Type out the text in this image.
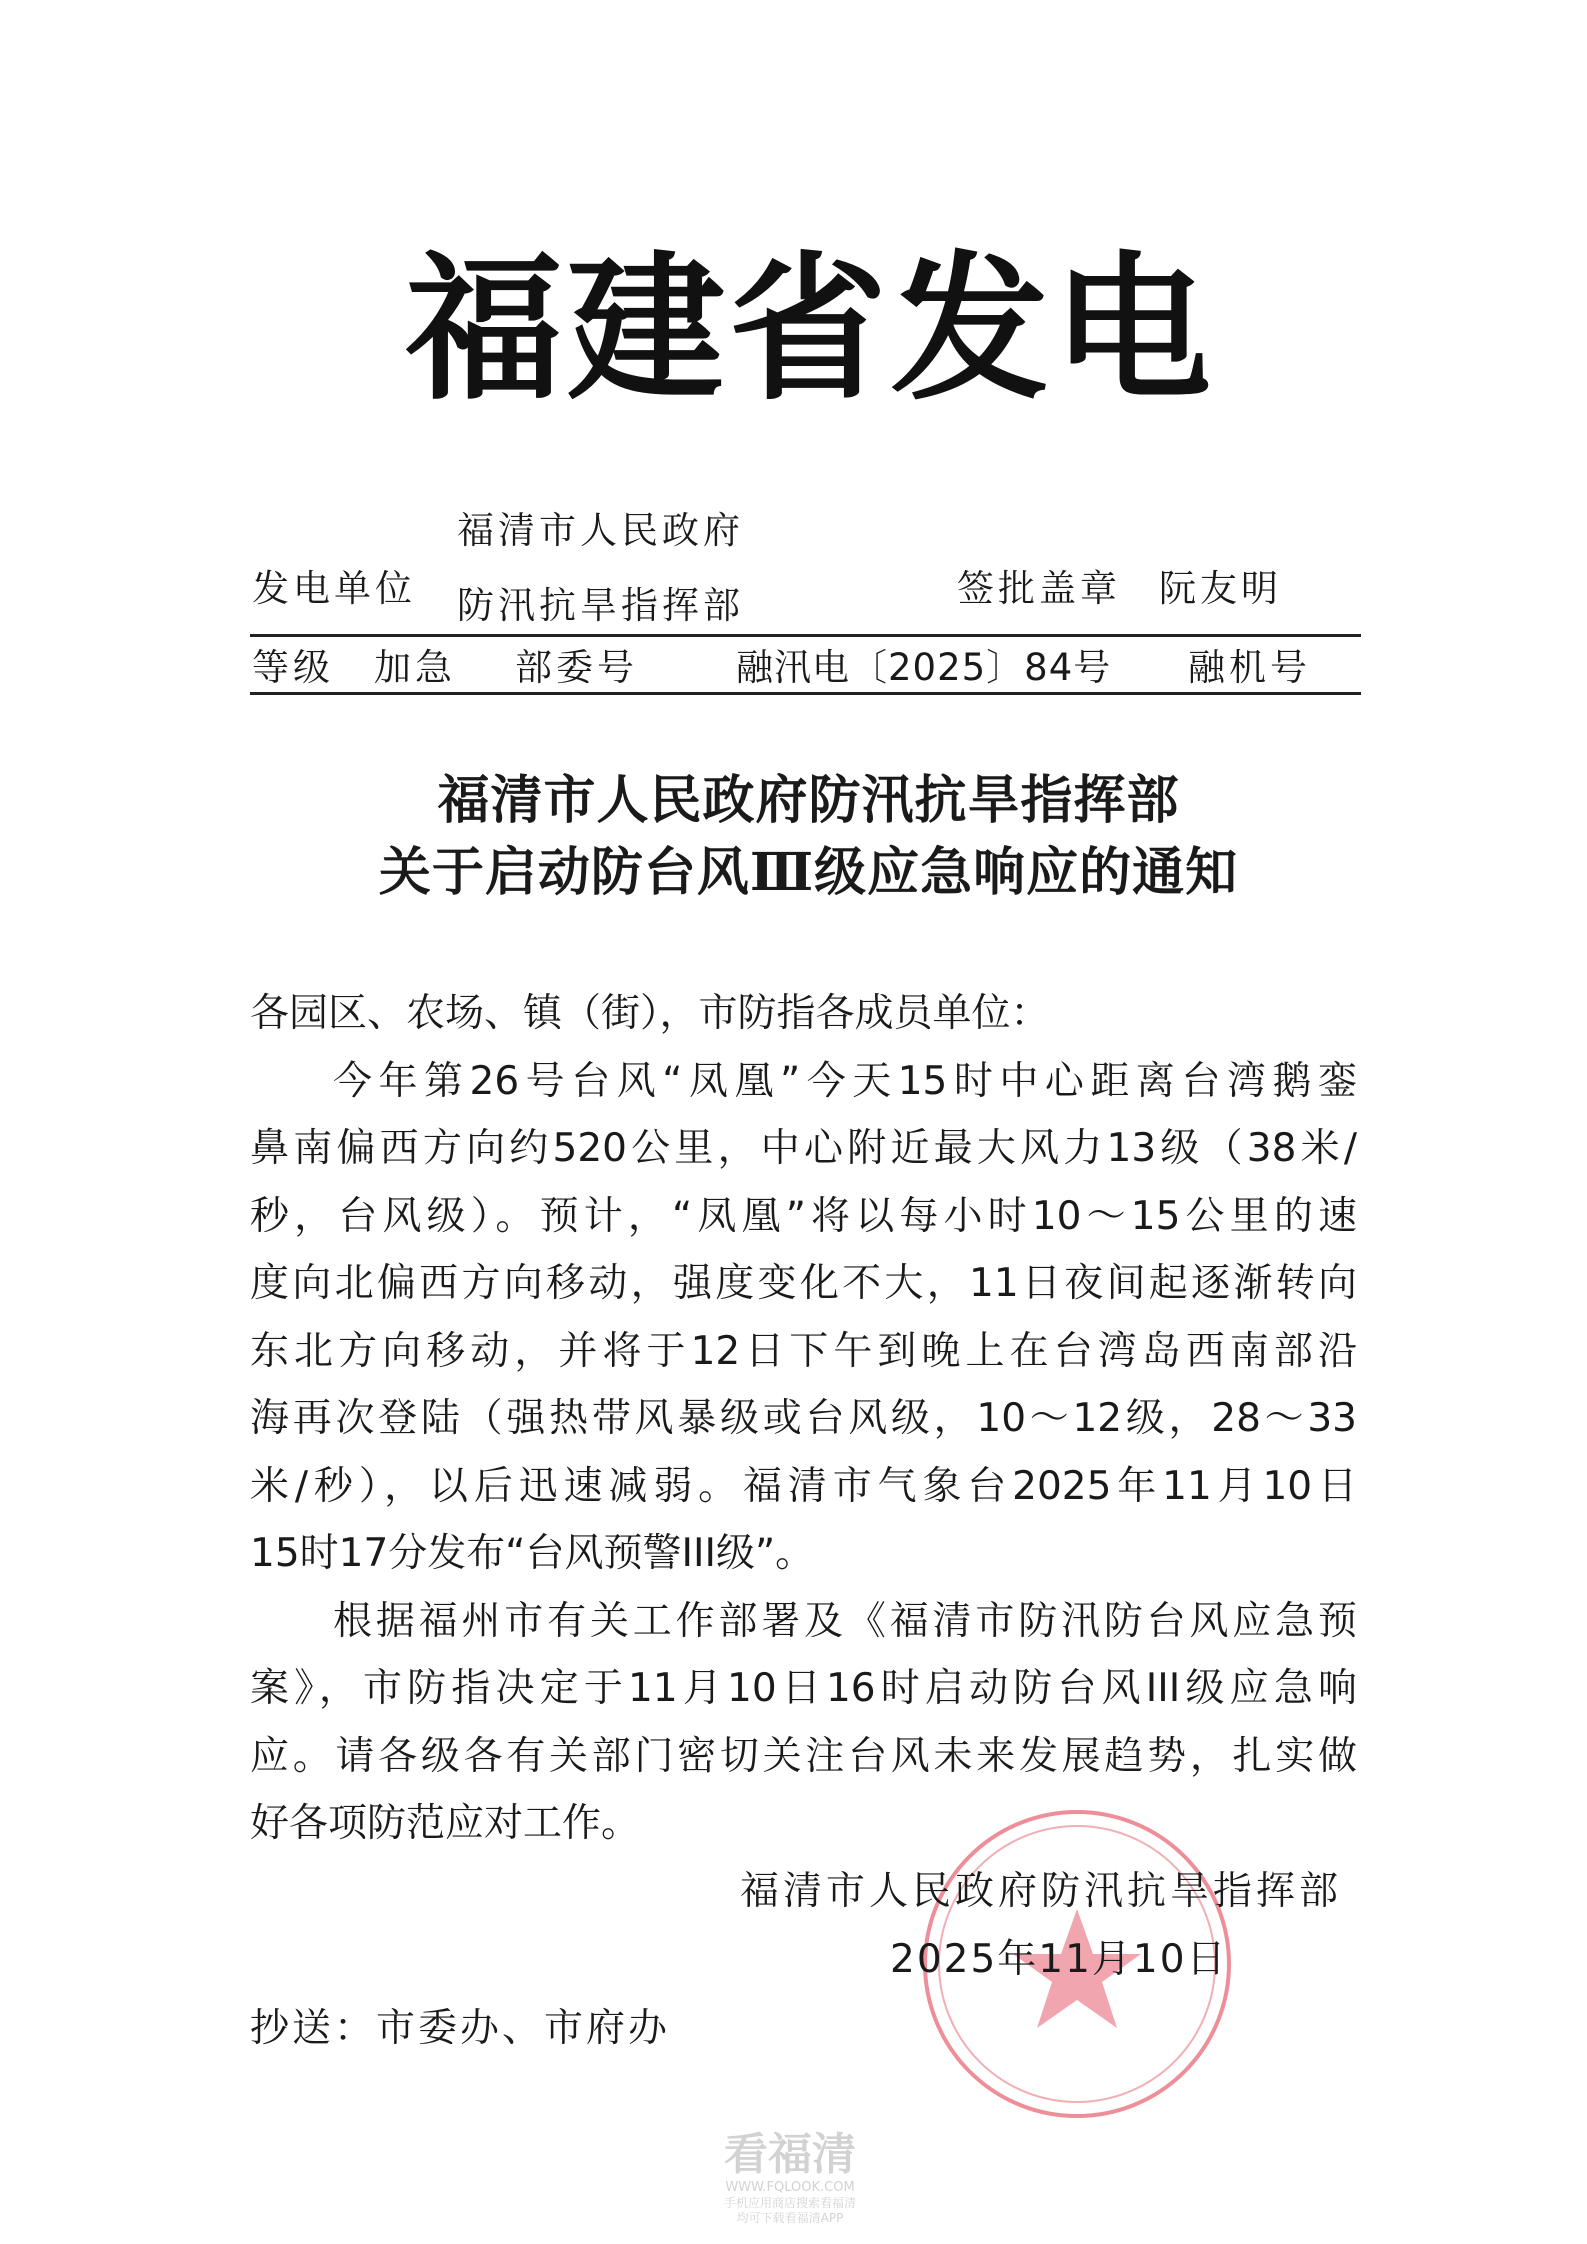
福建省发电
福清市人民政府
发电单位 防汛抗旱指挥部	签批盖章 阮友明
等级 加急 部委号	融汛电〔2025〕84号 融机号
福清市人民政府防汛抗旱指挥部
关于启动防台风Ⅲ级应急响应的通知
各园区、农场、镇（街），市防指各成员单位：
今年第26号台风“凤凰”今天15时中心距离台湾鹅銮
鼻南偏西方向约520公里，中心附近最大风力13级（38米/
秒，台风级）。预计，“凤凰”将以每小时10～15公里的速
度向北偏西方向移动，强度变化不大，11日夜间起逐渐转向
东北方向移动，并将于12日下午到晚上在台湾岛西南部沿
海再次登陆（强热带风暴级或台风级，10～12级，28～33
米/秒），以后迅速减弱。福清市气象台2025年11月10日
15时17分发布“台风预警III级”。
根据福州市有关工作部署及《福清市防汛防台风应急预
案》，市防指决定于11月10日16时启动防台风III级应急响
应。请各级各有关部门密切关注台风未来发展趋势，扎实做
好各项防范应对工作。
福清市人民政府防汛抗旱指挥部
2025年11月10日
抄送：市委办、市府办
看福清
WWW.FQLOOK.COM
手机应用商店搜索看福清
均可下载看福清APP
